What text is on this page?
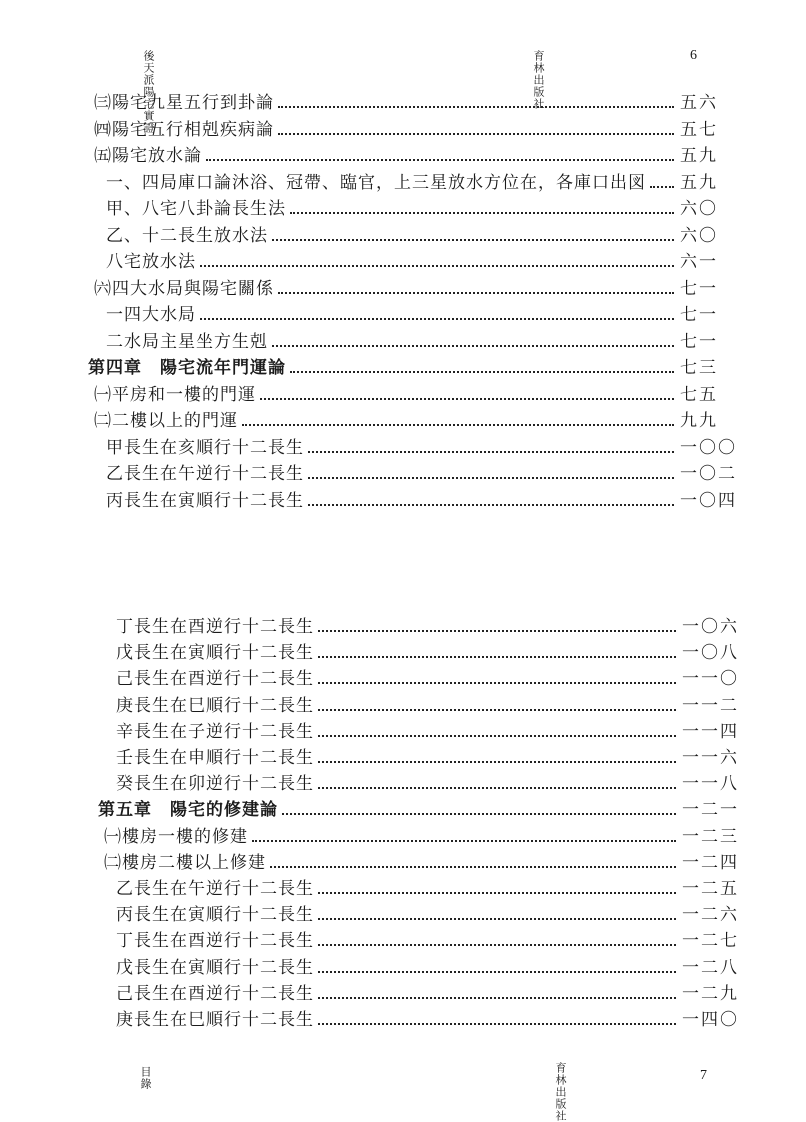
後天派陽宅實證	育林出版社	6
㈢陽宅九星五行到卦論	五六
㈣陽宅五行相剋疾病論	五七
㈤陽宅放水論	五九
一、四局庫口論沐浴、冠帶、臨官，上三星放水方位在，各庫口出図 五九
甲、八宅八卦論長生法	六〇
乙、十二長生放水法	六〇
八宅放水法	六一
㈥四大水局與陽宅關係	七一
一四大水局	七一
二水局主星坐方生剋	七一
第四章　陽宅流年門運論	七三
㈠平房和一樓的門運	七五
㈡二樓以上的門運	九九
甲長生在亥順行十二長生	一〇〇
乙長生在午逆行十二長生	一〇二
丙長生在寅順行十二長生	一〇四
丁長生在酉逆行十二長生	一〇六
戊長生在寅順行十二長生	一〇八
己長生在酉逆行十二長生	一一〇
庚長生在巳順行十二長生	一一二
辛長生在子逆行十二長生	一一四
壬長生在申順行十二長生	一一六
癸長生在卯逆行十二長生	一一八
第五章　陽宅的修建論	一二一
㈠樓房一樓的修建	一二三
㈡樓房二樓以上修建	一二四
乙長生在午逆行十二長生	一二五
丙長生在寅順行十二長生	一二六
丁長生在酉逆行十二長生	一二七
戊長生在寅順行十二長生	一二八
己長生在酉逆行十二長生	一二九
庚長生在巳順行十二長生	一四〇
目錄	育林出版社	7
